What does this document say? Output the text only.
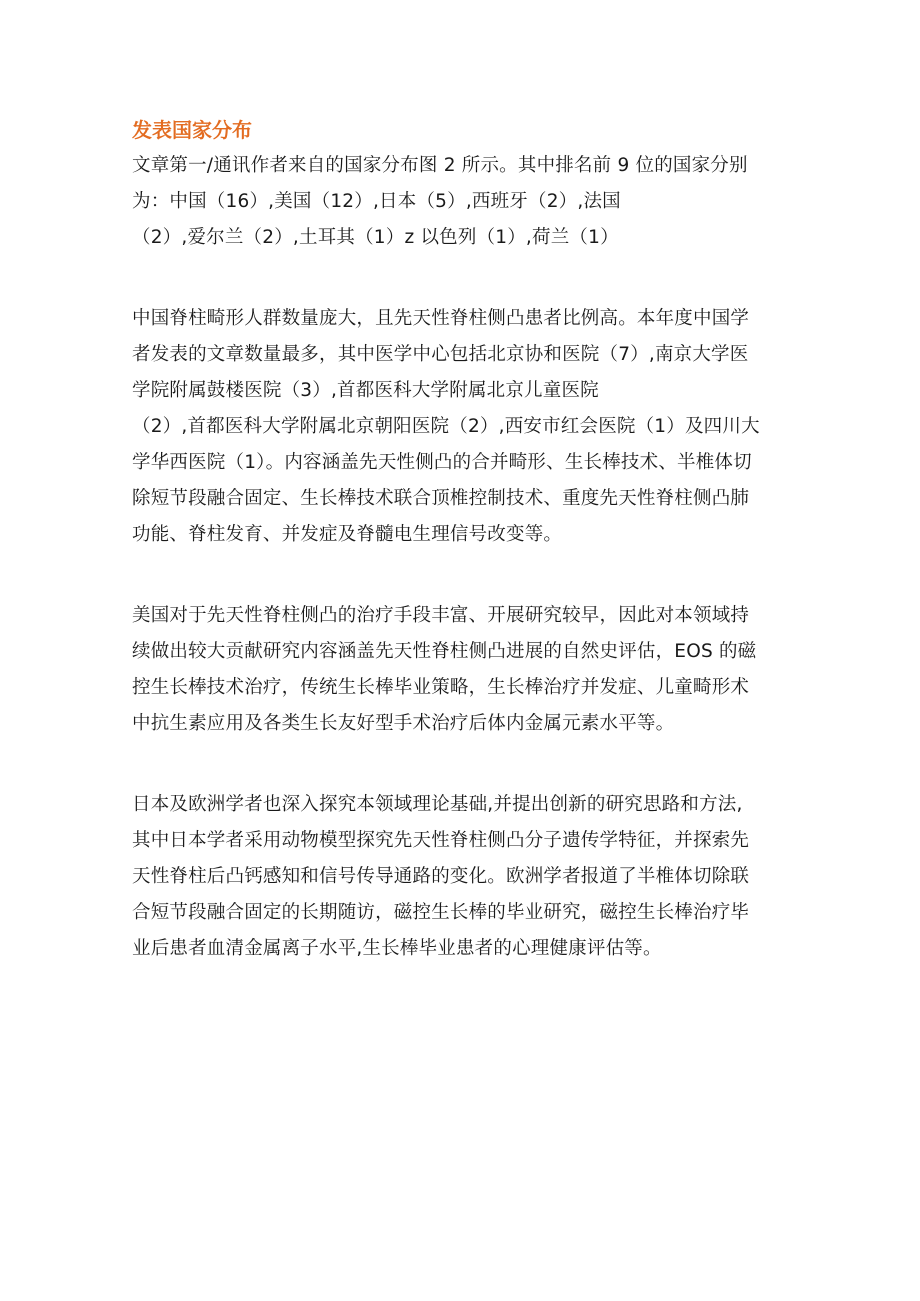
发表国家分布
文章第一/通讯作者来自的国家分布图 2 所示。其中排名前 9 位的国家分别
为：中国（16）,美国（12）,日本（5）,西班牙（2）,法国
（2）,爱尔兰（2）,土耳其（1）z 以色列（1）,荷兰（1）
中国脊柱畸形人群数量庞大，且先天性脊柱侧凸患者比例高。本年度中国学
者发表的文章数量最多，其中医学中心包括北京协和医院（7）,南京大学医
学院附属鼓楼医院（3）,首都医科大学附属北京儿童医院
（2）,首都医科大学附属北京朝阳医院（2）,西安市红会医院（1）及四川大
学华西医院（1）。内容涵盖先天性侧凸的合并畸形、生长棒技术、半椎体切
除短节段融合固定、生长棒技术联合顶椎控制技术、重度先天性脊柱侧凸肺
功能、脊柱发育、并发症及脊髓电生理信号改变等。
美国对于先天性脊柱侧凸的治疗手段丰富、开展研究较早，因此对本领域持
续做出较大贡献研究内容涵盖先天性脊柱侧凸进展的自然史评估，EOS 的磁
控生长棒技术治疗，传统生长棒毕业策略，生长棒治疗并发症、儿童畸形术
中抗生素应用及各类生长友好型手术治疗后体内金属元素水平等。
日本及欧洲学者也深入探究本领域理论基础,并提出创新的研究思路和方法,
其中日本学者采用动物模型探究先天性脊柱侧凸分子遗传学特征，并探索先
天性脊柱后凸钙感知和信号传导通路的变化。欧洲学者报道了半椎体切除联
合短节段融合固定的长期随访，磁控生长棒的毕业研究，磁控生长棒治疗毕
业后患者血清金属离子水平,生长棒毕业患者的心理健康评估等。
